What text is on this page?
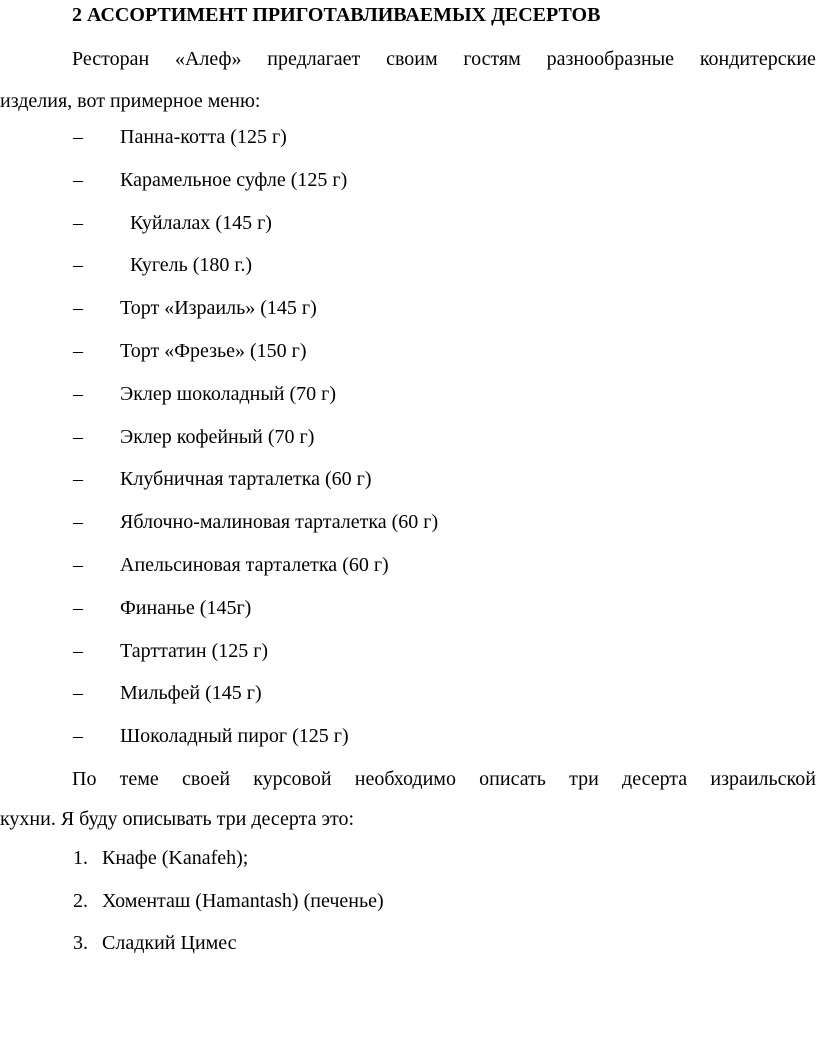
2 АССОРТИМЕНТ ПРИГОТАВЛИВАЕМЫХ ДЕСЕРТОВ
Ресторан «Алеф» предлагает своим гостям разнообразные кондитерские
изделия, вот примерное меню:
– Панна-котта (125 г)
– Карамельное суфле (125 г)
– Куйлалах (145 г)
– Кугель (180 г.)
– Торт «Израиль» (145 г)
– Торт «Фрезье» (150 г)
– Эклер шоколадный (70 г)
– Эклер кофейный (70 г)
– Клубничная тарталетка (60 г)
– Яблочно-малиновая тарталетка (60 г)
– Апельсиновая тарталетка (60 г)
– Финанье (145г)
– Тарттатин (125 г)
– Мильфей (145 г)
– Шоколадный пирог (125 г)
По теме своей курсовой необходимо описать три десерта израильской
кухни. Я буду описывать три десерта это:
1. Кнафе (Kanafeh);
2. Хоменташ (Hamantash) (печенье)
3. Сладкий Цимес
